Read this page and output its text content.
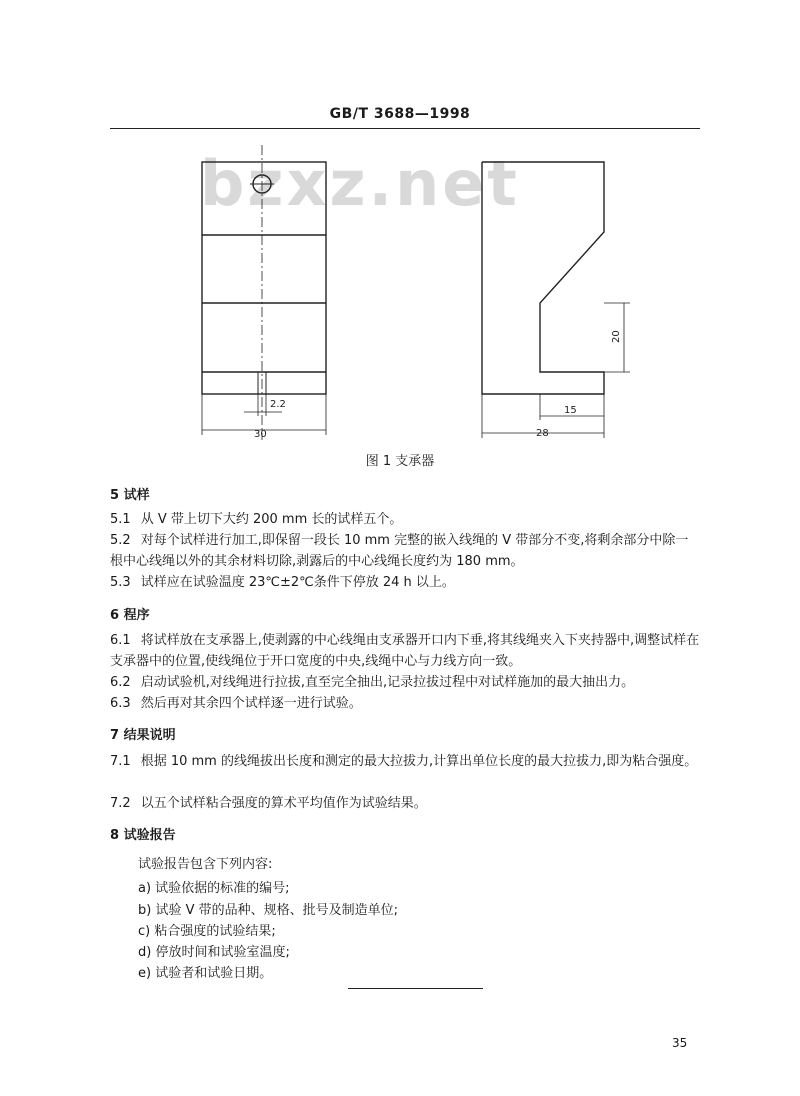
GB/T 3688—1998
bzxz.net
2.2
30
15
28
20
图 1 支承器
5 试样
5.1 从 V 带上切下大约 200 mm 长的试样五个。
5.2 对每个试样进行加工,即保留一段长 10 mm 完整的嵌入线绳的 V 带部分不变,将剩余部分中除一根中心线绳以外的其余材料切除,剥露后的中心线绳长度约为 180 mm。
5.3 试样应在试验温度 23℃±2℃条件下停放 24 h 以上。
6 程序
6.1 将试样放在支承器上,使剥露的中心线绳由支承器开口内下垂,将其线绳夹入下夹持器中,调整试样在支承器中的位置,使线绳位于开口宽度的中央,线绳中心与力线方向一致。
6.2 启动试验机,对线绳进行拉拔,直至完全抽出,记录拉拔过程中对试样施加的最大抽出力。
6.3 然后再对其余四个试样逐一进行试验。
7 结果说明
7.1 根据 10 mm 的线绳拔出长度和测定的最大拉拔力,计算出单位长度的最大拉拔力,即为粘合强度。
7.2 以五个试样粘合强度的算术平均值作为试验结果。
8 试验报告
试验报告包含下列内容:
a) 试验依据的标准的编号;
b) 试验 V 带的品种、规格、批号及制造单位;
c) 粘合强度的试验结果;
d) 停放时间和试验室温度;
e) 试验者和试验日期。
35
